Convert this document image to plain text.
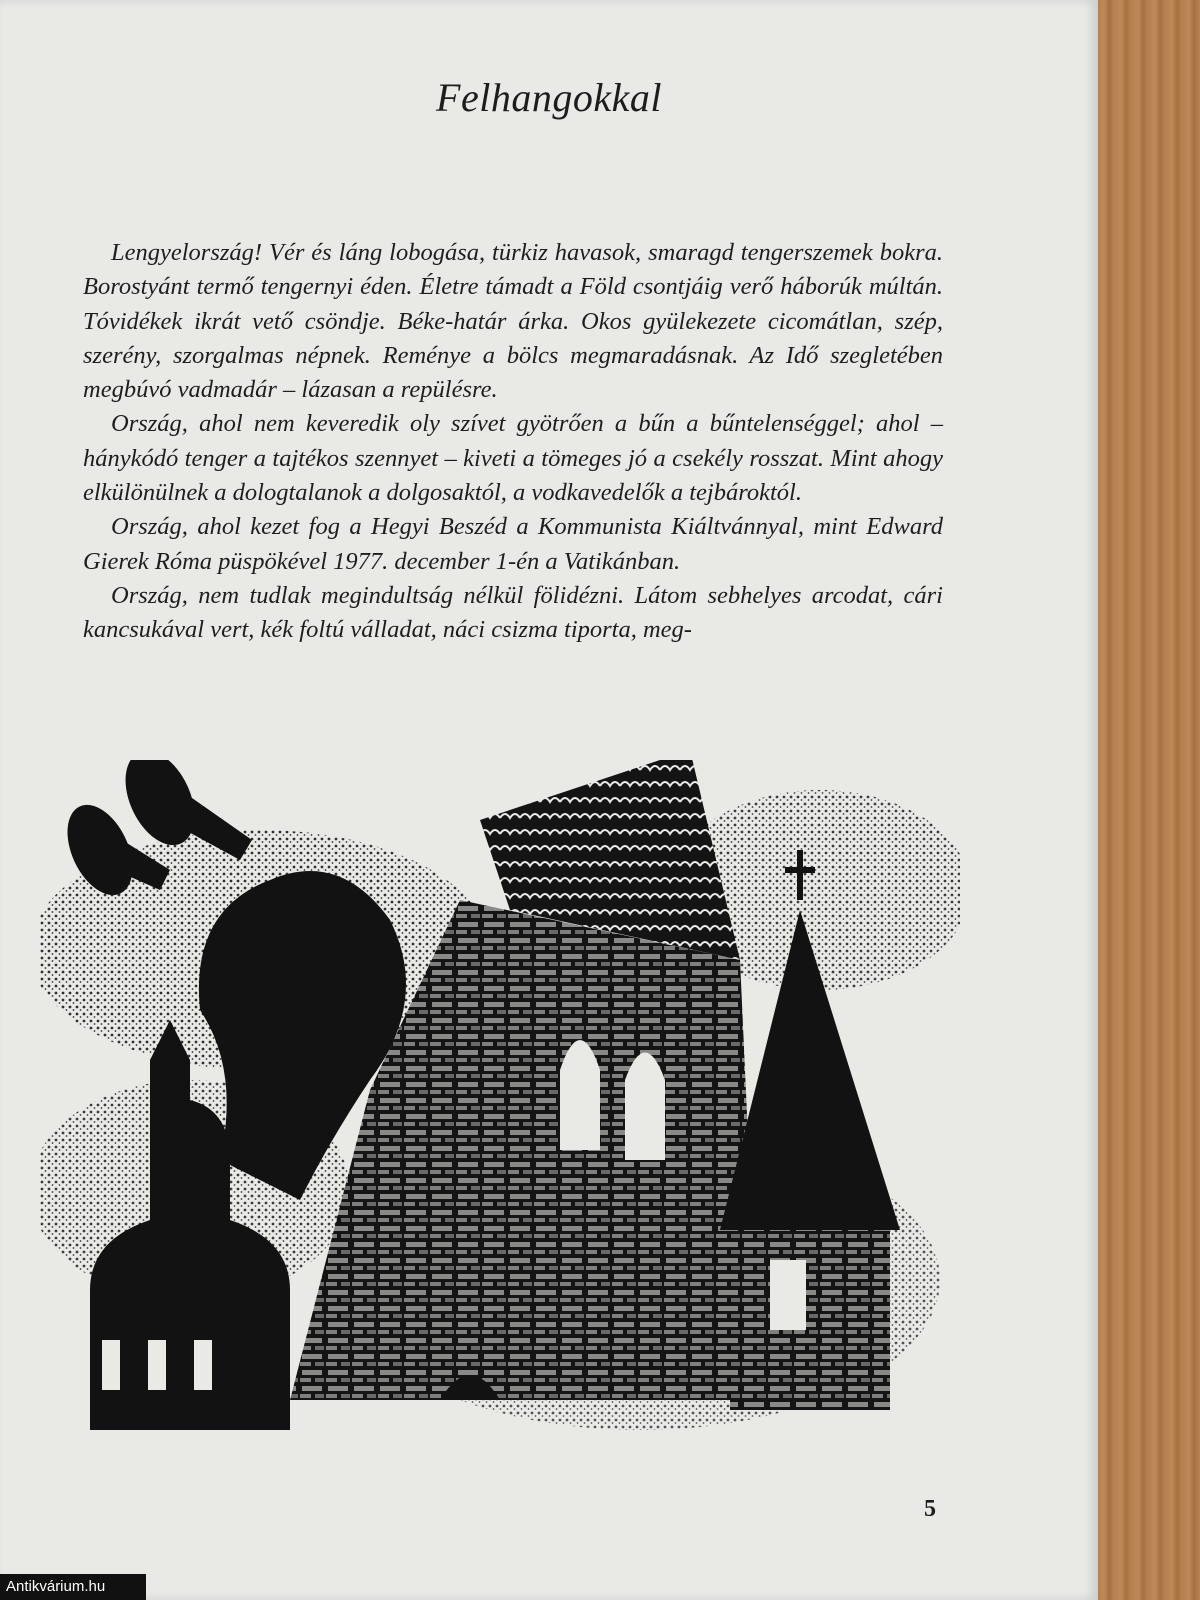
Felhangokkal

Lengyelország! Vér és láng lobogása, türkiz havasok, smaragd tengerszemek bokra. Borostyánt termő tengernyi éden. Életre támadt a Föld csontjáig verő háborúk múltán. Tóvidékek ikrát vető csöndje. Béke-határ árka. Okos gyülekezete cicomátlan, szép, szerény, szorgalmas népnek. Reménye a bölcs megmaradásnak. Az Idő szegletében megbúvó vadmadár – lázasan a repülésre.

Ország, ahol nem keveredik oly szívet gyötrően a bűn a bűntelenséggel; ahol – hánykódó tenger a tajtékos szennyet – kiveti a tömeges jó a csekély rosszat. Mint ahogy elkülönülnek a dologtalanok a dolgosaktól, a vodkavedelők a tejbároktól.

Ország, ahol kezet fog a Hegyi Beszéd a Kommunista Kiáltvánnyal, mint Edward Gierek Róma püspökével 1977. december 1-én a Vatikánban.

Ország, nem tudlak megindultság nélkül fölidézni. Látom sebhelyes arcodat, cári kancsukával vert, kék foltú válladat, náci csizma tiporta, meg-

5
Antikvárium.hu
